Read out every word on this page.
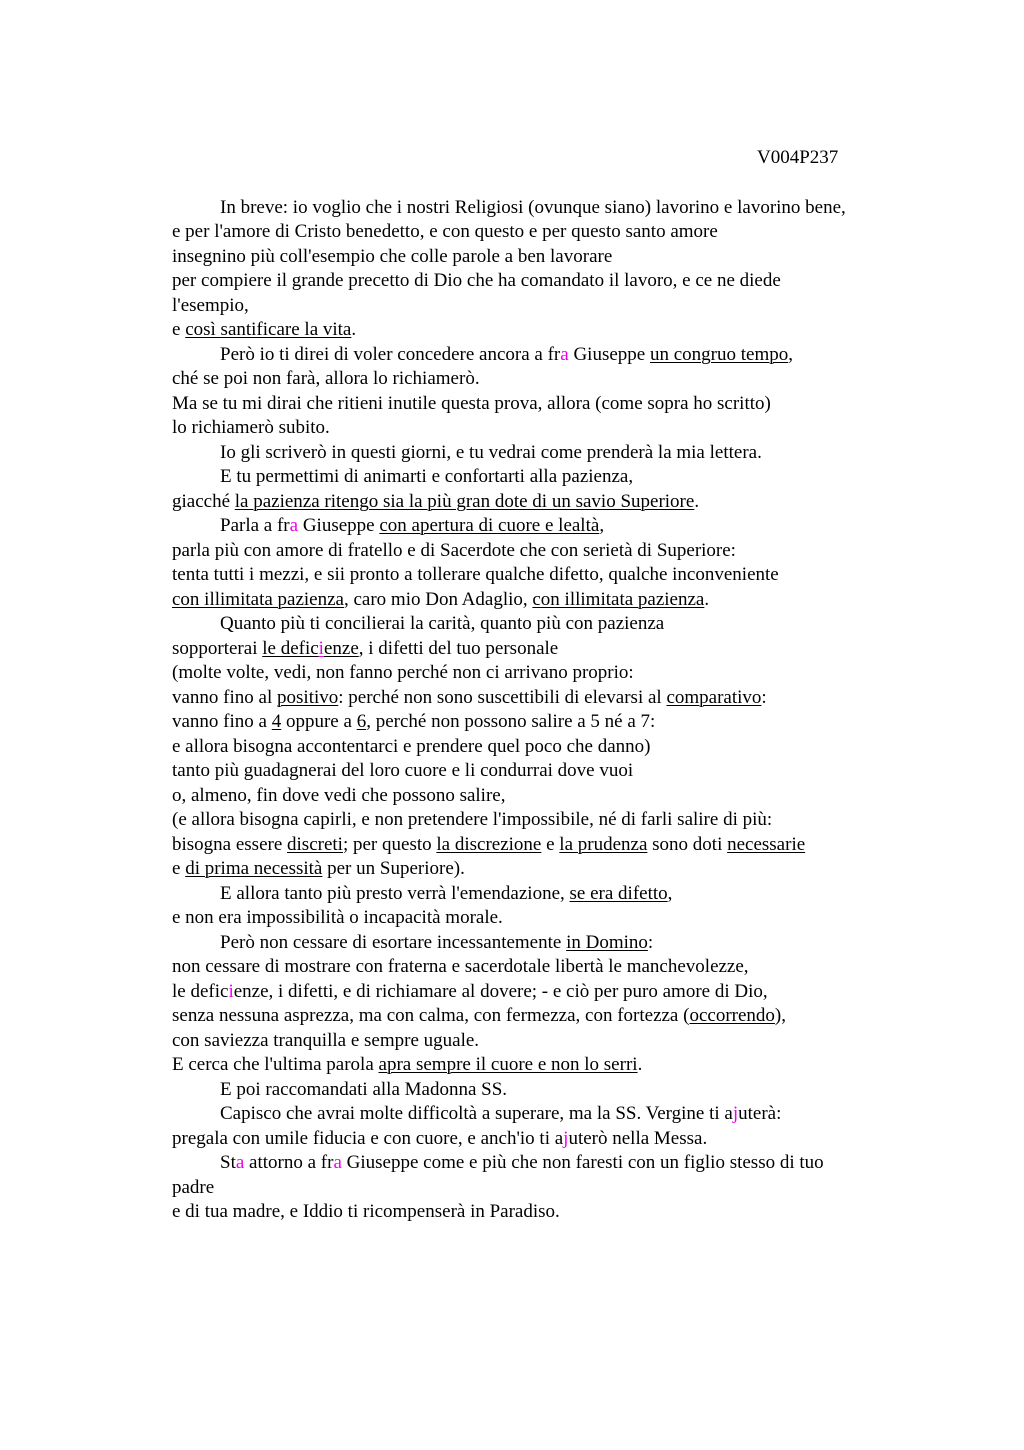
V004P237
In breve: io voglio che i nostri Religiosi (ovunque siano) lavorino e lavorino bene,
e per l'amore di Cristo benedetto, e con questo e per questo santo amore
insegnino più coll'esempio che colle parole a ben lavorare
per compiere il grande precetto di Dio che ha comandato il lavoro, e ce ne diede
l'esempio,
e così santificare la vita.
Però io ti direi di voler concedere ancora a fra Giuseppe un congruo tempo,
ché se poi non farà, allora lo richiamerò.
Ma se tu mi dirai che ritieni inutile questa prova, allora (come sopra ho scritto)
lo richiamerò subito.
Io gli scriverò in questi giorni, e tu vedrai come prenderà la mia lettera.
E tu permettimi di animarti e confortarti alla pazienza,
giacché la pazienza ritengo sia la più gran dote di un savio Superiore.
Parla a fra Giuseppe con apertura di cuore e lealtà,
parla più con amore di fratello e di Sacerdote che con serietà di Superiore:
tenta tutti i mezzi, e sii pronto a tollerare qualche difetto, qualche inconveniente
con illimitata pazienza, caro mio Don Adaglio, con illimitata pazienza.
Quanto più ti concilierai la carità, quanto più con pazienza
sopporterai le deficienze, i difetti del tuo personale
(molte volte, vedi, non fanno perché non ci arrivano proprio:
vanno fino al positivo: perché non sono suscettibili di elevarsi al comparativo:
vanno fino a 4 oppure a 6, perché non possono salire a 5 né a 7:
e allora bisogna accontentarci e prendere quel poco che danno)
tanto più guadagnerai del loro cuore e li condurrai dove vuoi
o, almeno, fin dove vedi che possono salire,
(e allora bisogna capirli, e non pretendere l'impossibile, né di farli salire di più:
bisogna essere discreti; per questo la discrezione e la prudenza sono doti necessarie
e di prima necessità per un Superiore).
E allora tanto più presto verrà l'emendazione, se era difetto,
e non era impossibilità o incapacità morale.
Però non cessare di esortare incessantemente in Domino:
non cessare di mostrare con fraterna e sacerdotale libertà le manchevolezze,
le deficienze, i difetti, e di richiamare al dovere; - e ciò per puro amore di Dio,
senza nessuna asprezza, ma con calma, con fermezza, con fortezza (occorrendo),
con saviezza tranquilla e sempre uguale.
E cerca che l'ultima parola apra sempre il cuore e non lo serri.
E poi raccomandati alla Madonna SS.
Capisco che avrai molte difficoltà a superare, ma la SS. Vergine ti ajuterà:
pregala con umile fiducia e con cuore, e anch'io ti ajuterò nella Messa.
Sta attorno a fra Giuseppe come e più che non faresti con un figlio stesso di tuo
padre
e di tua madre, e Iddio ti ricompenserà in Paradiso.
